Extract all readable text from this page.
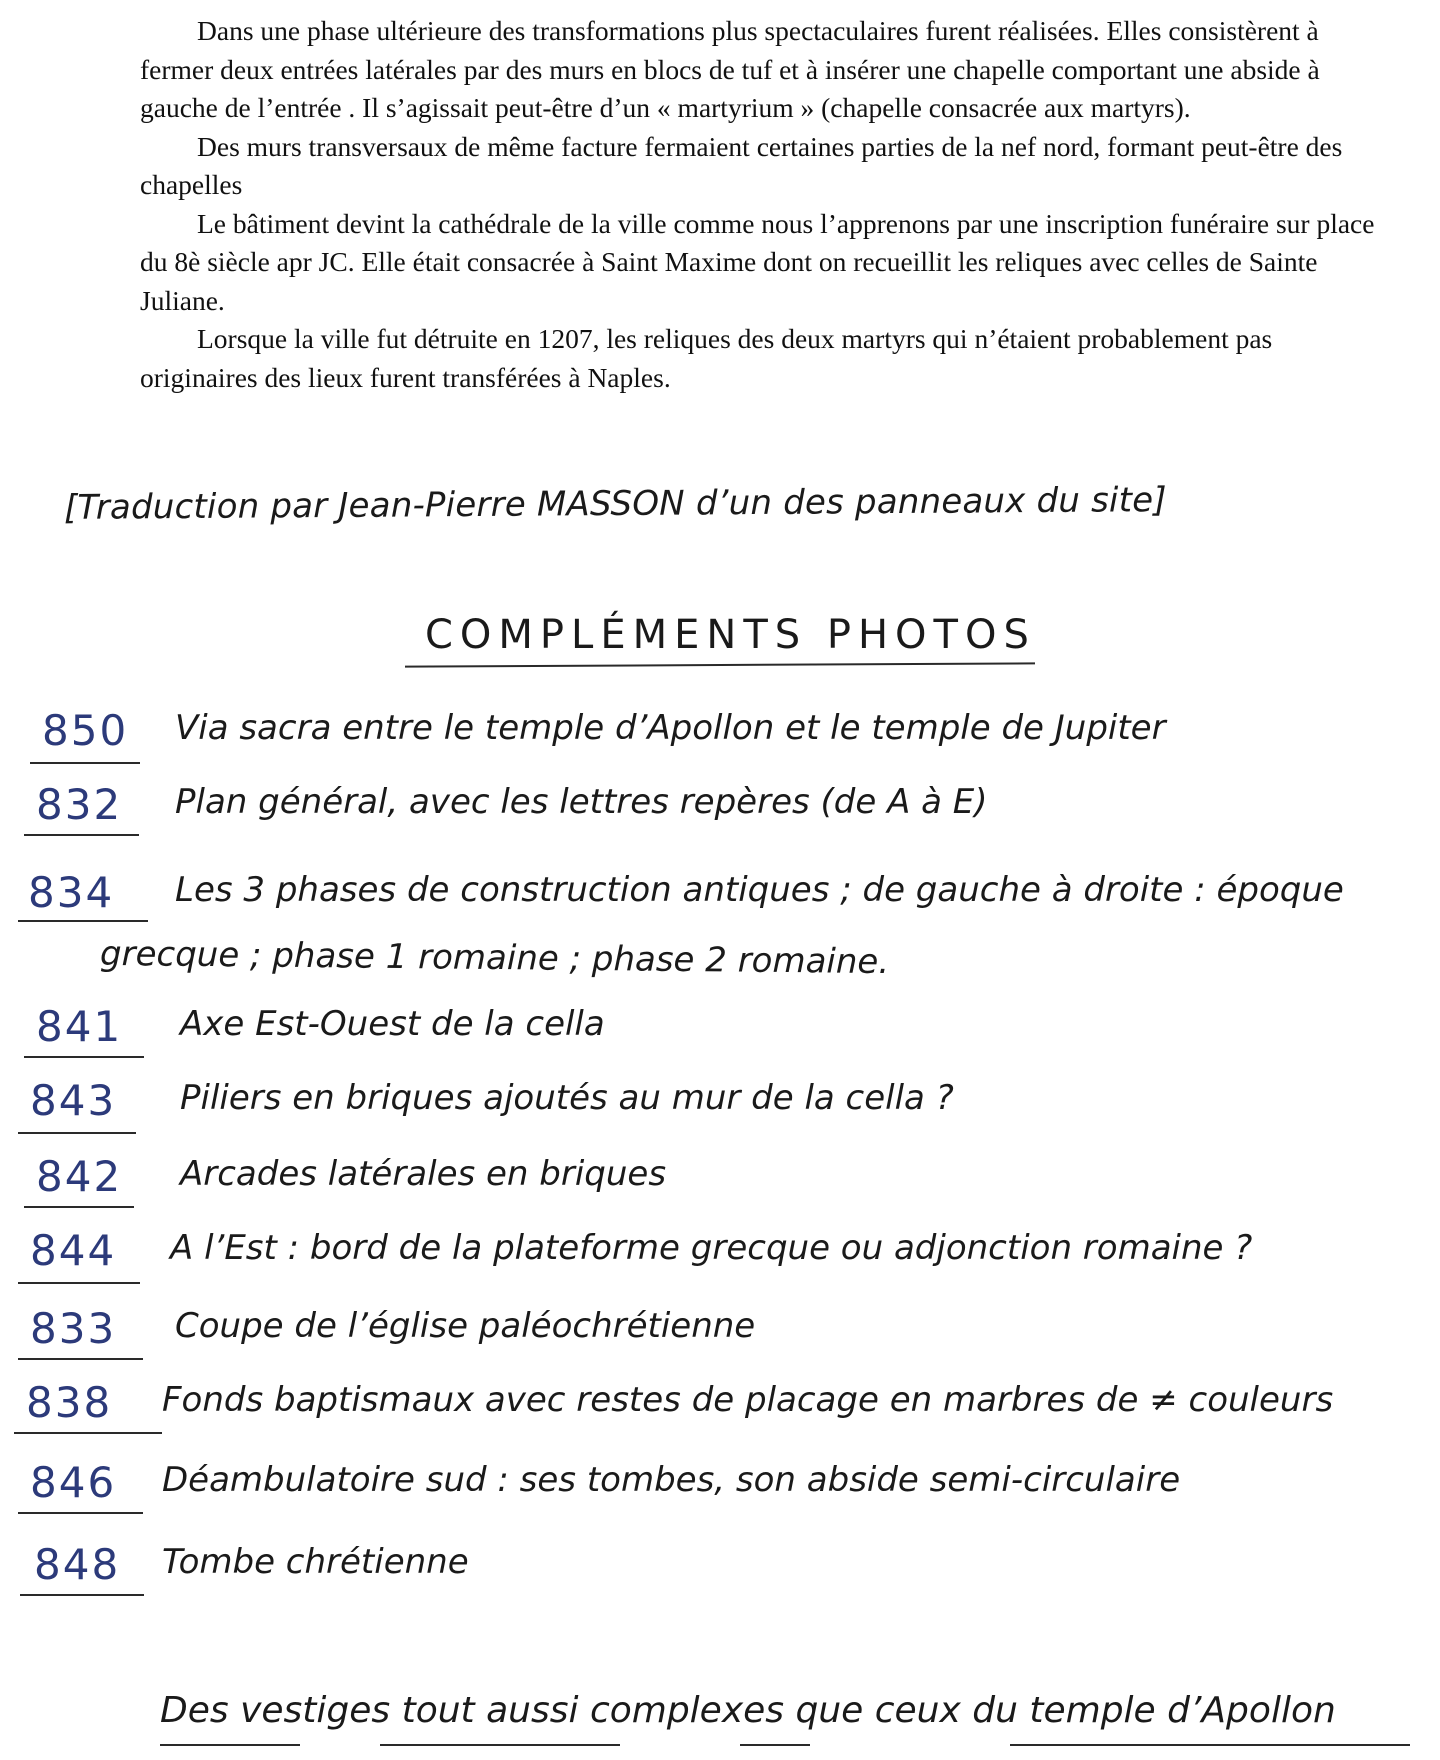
Dans une phase ultérieure des transformations plus spectaculaires furent réalisées. Elles consistèrent à fermer deux entrées latérales par des murs en blocs de tuf et à insérer une chapelle comportant une abside à gauche de l’entrée . Il s’agissait peut-être d’un « martyrium » (chapelle consacrée aux martyrs).

Des murs transversaux de même facture fermaient certaines parties de la nef nord, formant peut-être des chapelles

Le bâtiment devint la cathédrale de la ville comme nous l’apprenons par une inscription funéraire sur place du 8è siècle apr JC. Elle était consacrée à Saint Maxime dont on recueillit les reliques avec celles de Sainte Juliane.

Lorsque la ville fut détruite en 1207, les reliques des deux martyrs qui n’étaient probablement pas originaires des lieux furent transférées à Naples.

[Traduction par Jean-Pierre MASSON d’un des panneaux du site]
COMPLÉMENTS PHOTOS
850 Via sacra entre le temple d’Apollon et le temple de Jupiter
832 Plan général, avec les lettres repères (de A à E)
834 Les 3 phases de construction antiques ; de gauche à droite : époque
grecque ; phase 1 romaine ; phase 2 romaine.
841 Axe Est-Ouest de la cella
843 Piliers en briques ajoutés au mur de la cella ?
842 Arcades latérales en briques
844 A l’Est : bord de la plateforme grecque ou adjonction romaine ?
833 Coupe de l’église paléochrétienne
838 Fonds baptismaux avec restes de placage en marbres de ≠ couleurs
846 Déambulatoire sud : ses tombes, son abside semi-circulaire
848 Tombe chrétienne
Des vestiges tout aussi complexes que ceux du temple d’Apollon
